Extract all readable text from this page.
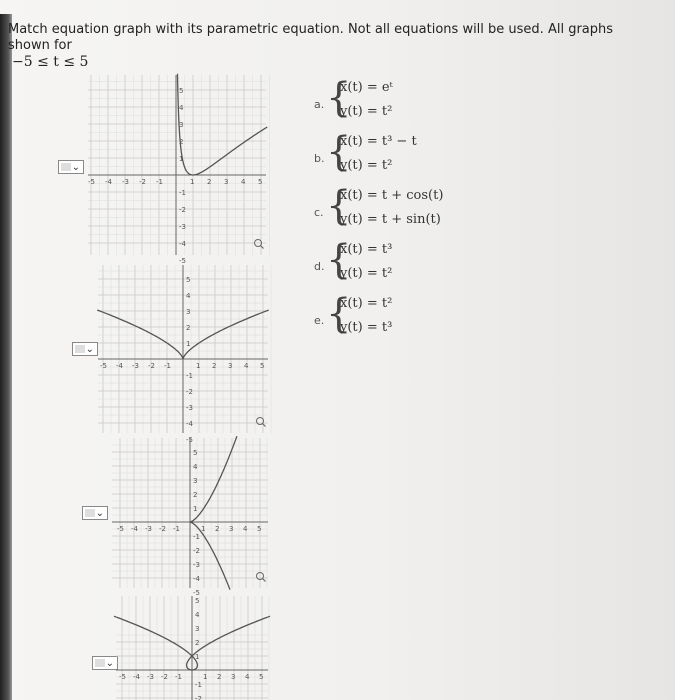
Match equation graph with its parametric equation. Not all equations will be used. All graphs shown for
−5 ≤ t ≤ 5
⌄
⌄
⌄
⌄
-5 -4 -3 -2 -1	1 2 3 4 5
5
4
3
2
1
-1
-2
-3
-4
-5
-5 -4 -3 -2 -1	1 2 3 4 5
5
4
3
2
1
-1
-2
-3
-4
-5
-5 -4 -3 -2 -1	1 2 3 4 5
5
4
3
2
1
-1
-2
-3
-4
-5
-5 -4 -3 -2 -1	1 2 3 4 5
5
4
3
2
1
-1
-2
a. {
x(t) = eᵗ
y(t) = t²
b. {
x(t) = t³ − t
y(t) = t²
c. {
x(t) = t + cos(t)
y(t) = t + sin(t)
d. {
x(t) = t³
y(t) = t²
e. {
x(t) = t²
y(t) = t³
